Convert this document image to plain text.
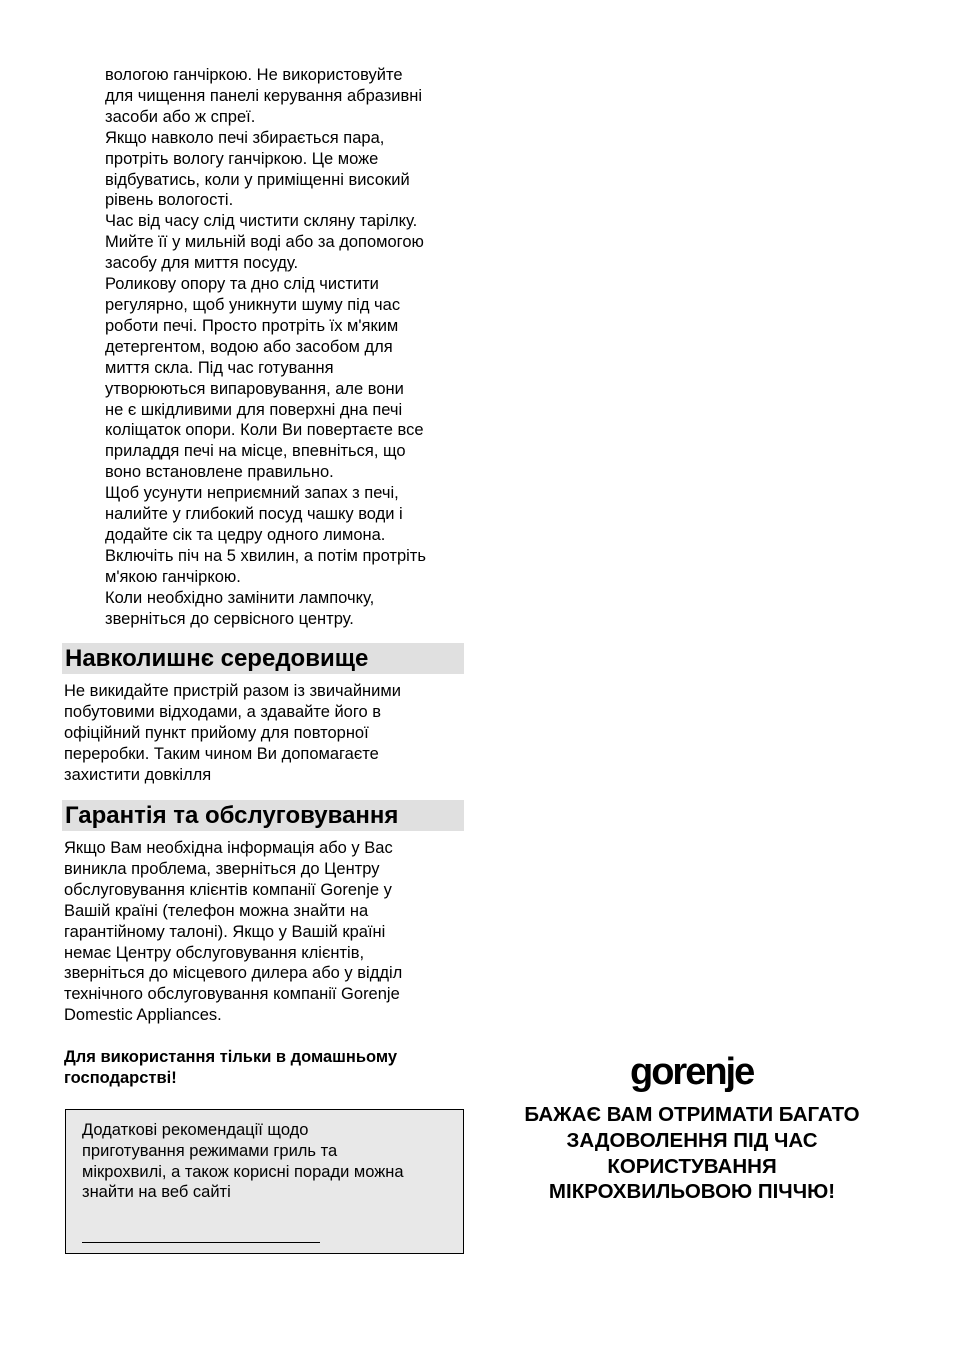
вологою ганчіркою. Не використовуйте
для чищення панелі керування абразивні
засоби або ж спреї.
Якщо навколо печі збирається пара,
протріть вологу ганчіркою. Це може
відбуватись, коли у приміщенні високий
рівень вологості.
Час від часу слід чистити скляну тарілку.
Мийте її у мильній воді або за допомогою
засобу для миття посуду.
Роликову опору та дно слід чистити
регулярно, щоб уникнути шуму під час
роботи печі. Просто протріть їх м'яким
детергентом, водою або засобом для
миття скла. Під час готування
утворюються випаровування, але вони
не є шкідливими для поверхні дна печі
коліщаток опори. Коли Ви повертаєте все
приладдя печі на місце, впевніться, що
воно встановлене правильно.
Щоб усунути неприємний запах з печі,
налийте у глибокий посуд чашку води і
додайте сік та цедру одного лимона.
Включіть піч на 5 хвилин, а потім протріть
м'якою ганчіркою.
Коли необхідно замінити лампочку,
зверніться до сервісного центру.
Навколишнє середовище
Не викидайте пристрій разом із звичайними
побутовими відходами, а здавайте його в
офіційний пункт прийому для повторної
переробки. Таким чином Ви допомагаєте
захистити довкілля
Гарантія та обслуговування
Якщо Вам необхідна інформація або у Вас
виникла проблема, зверніться до Центру
обслуговування клієнтів компанії Gorenje у
Вашій країні (телефон можна знайти на
гарантійному талоні). Якщо у Вашій країні
немає Центру обслуговування клієнтів,
зверніться до місцевого дилера або у відділ
технічного обслуговування компанії Gorenje
Domestic Appliances.
Для використання тільки в домашньому
господарстві!
Додаткові рекомендації щодо
приготування режимами гриль та
мікрохвилі, а також корисні поради можна
знайти на веб сайті
gorenje
БАЖАЄ ВАМ ОТРИМАТИ БАГАТО
ЗАДОВОЛЕННЯ ПІД ЧАС
КОРИСТУВАННЯ
МІКРОХВИЛЬОВОЮ ПІЧЧЮ!
